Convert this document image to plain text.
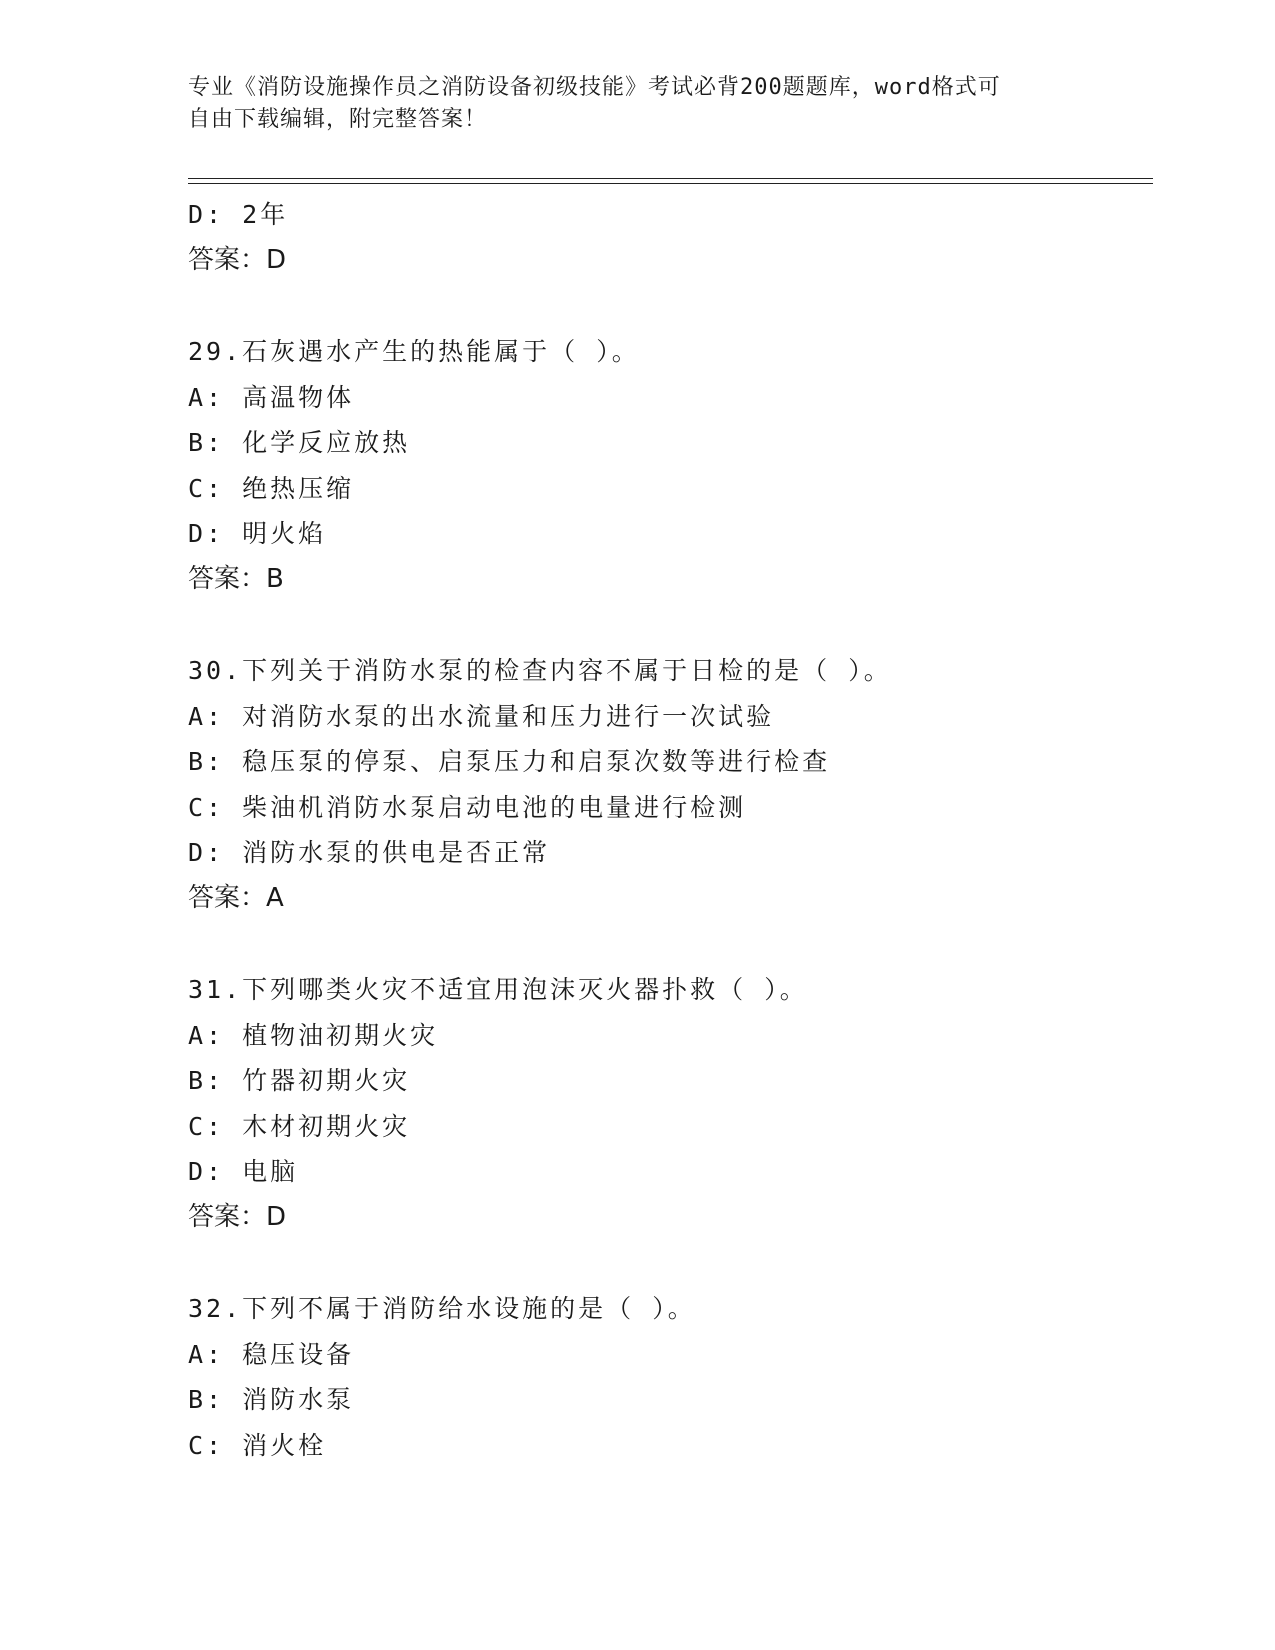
专业《消防设施操作员之消防设备初级技能》考试必背200题题库，word格式可
自由下载编辑，附完整答案！
D: 2年
答案：D
29.石灰遇水产生的热能属于（ ）。
A: 高温物体
B: 化学反应放热
C: 绝热压缩
D: 明火焰
答案：B
30.下列关于消防水泵的检查内容不属于日检的是（ ）。
A: 对消防水泵的出水流量和压力进行一次试验
B: 稳压泵的停泵、启泵压力和启泵次数等进行检查
C: 柴油机消防水泵启动电池的电量进行检测
D: 消防水泵的供电是否正常
答案：A
31.下列哪类火灾不适宜用泡沫灭火器扑救（ ）。
A: 植物油初期火灾
B: 竹器初期火灾
C: 木材初期火灾
D: 电脑
答案：D
32.下列不属于消防给水设施的是（ ）。
A: 稳压设备
B: 消防水泵
C: 消火栓
